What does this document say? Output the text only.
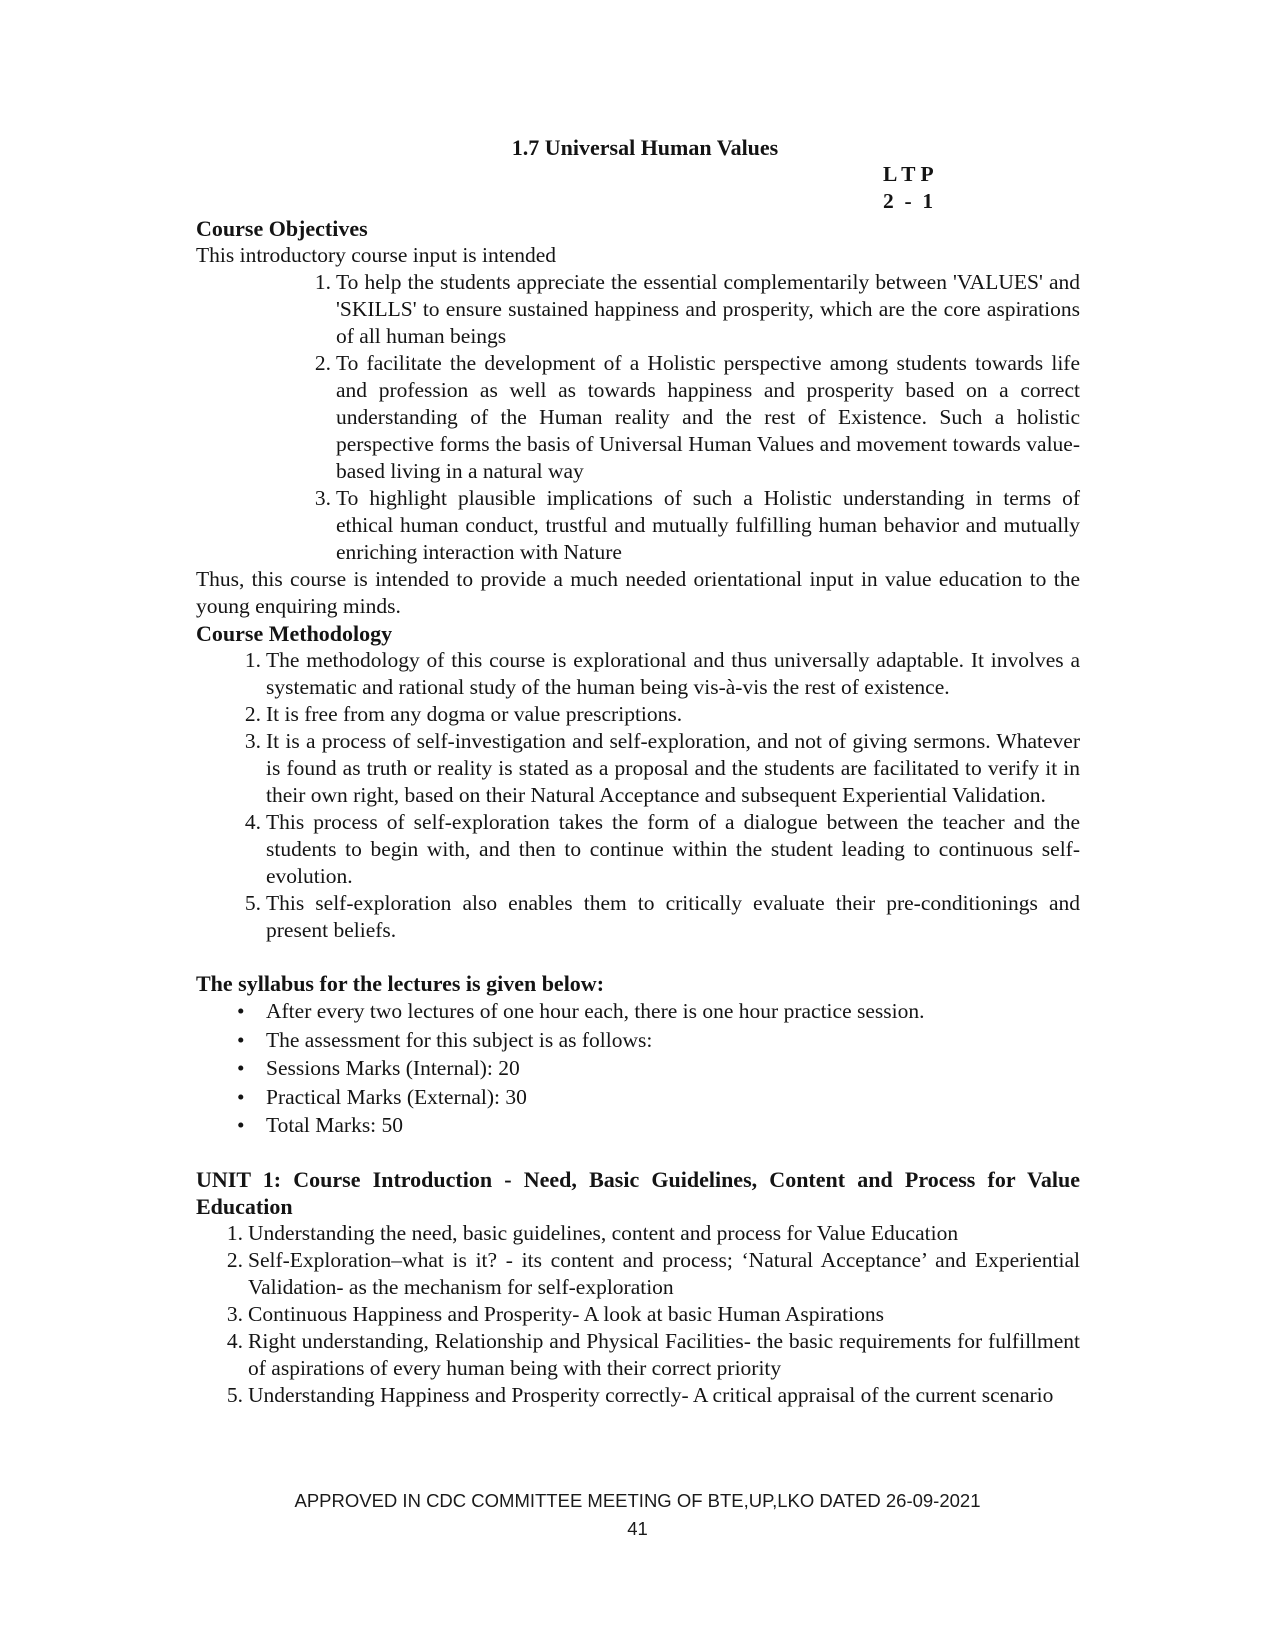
1.7 Universal Human Values
L T P
2  -  1
Course Objectives

This introductory course input is intended

1. To help the students appreciate the essential complementarily between 'VALUES' and 'SKILLS' to ensure sustained happiness and prosperity, which are the core aspirations of all human beings
2. To facilitate the development of a Holistic perspective among students towards life and profession as well as towards happiness and prosperity based on a correct understanding of the Human reality and the rest of Existence. Such a holistic perspective forms the basis of Universal Human Values and movement towards value-based living in a natural way
3. To highlight plausible implications of such a Holistic understanding in terms of ethical human conduct, trustful and mutually fulfilling human behavior and mutually enriching interaction with Nature

Thus, this course is intended to provide a much needed orientational input in value education to the young enquiring minds.

Course Methodology
1. The methodology of this course is explorational and thus universally adaptable. It involves a systematic and rational study of the human being vis-à-vis the rest of existence.
2. It is free from any dogma or value prescriptions.
3. It is a process of self-investigation and self-exploration, and not of giving sermons. Whatever is found as truth or reality is stated as a proposal and the students are facilitated to verify it in their own right, based on their Natural Acceptance and subsequent Experiential Validation.
4. This process of self-exploration takes the form of a dialogue between the teacher and the students to begin with, and then to continue within the student leading to continuous self-evolution.
5. This self-exploration also enables them to critically evaluate their pre-conditionings and present beliefs.
The syllabus for the lectures is given below:
• After every two lectures of one hour each, there is one hour practice session.
• The assessment for this subject is as follows:
• Sessions Marks (Internal): 20
• Practical Marks (External): 30
• Total Marks: 50
UNIT 1: Course Introduction - Need, Basic Guidelines, Content and Process for Value Education
1. Understanding the need, basic guidelines, content and process for Value Education
2. Self-Exploration–what is it? - its content and process; ‘Natural Acceptance’ and Experiential Validation- as the mechanism for self-exploration
3. Continuous Happiness and Prosperity- A look at basic Human Aspirations
4. Right understanding, Relationship and Physical Facilities- the basic requirements for fulfillment of aspirations of every human being with their correct priority
5. Understanding Happiness and Prosperity correctly- A critical appraisal of the current scenario
APPROVED IN CDC COMMITTEE MEETING OF BTE,UP,LKO DATED 26-09-2021
41
